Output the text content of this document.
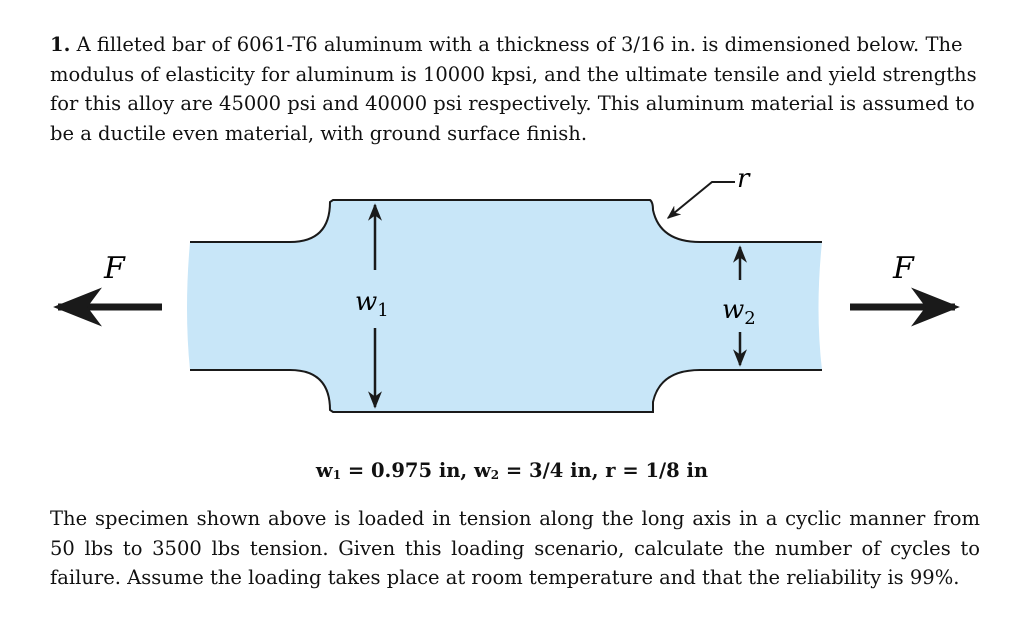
1. A filleted bar of 6061-T6 aluminum with a thickness of 3/16 in. is dimensioned below. The modulus of elasticity for aluminum is 10000 kpsi, and the ultimate tensile and yield strengths for this alloy are 45000 psi and 40000 psi respectively. This aluminum material is assumed to be a ductile even material, with ground surface finish.

$w_1$	$w_2$
r
F	F
$w_1 = 0.975$ in, $w_2 = 3/4$ in, r = 1/8 in

The specimen shown above is loaded in tension along the long axis in a cyclic manner from 50 lbs to 3500 lbs tension. Given this loading scenario, calculate the number of cycles to failure. Assume the loading takes place at room temperature and that the reliability is 99%.
